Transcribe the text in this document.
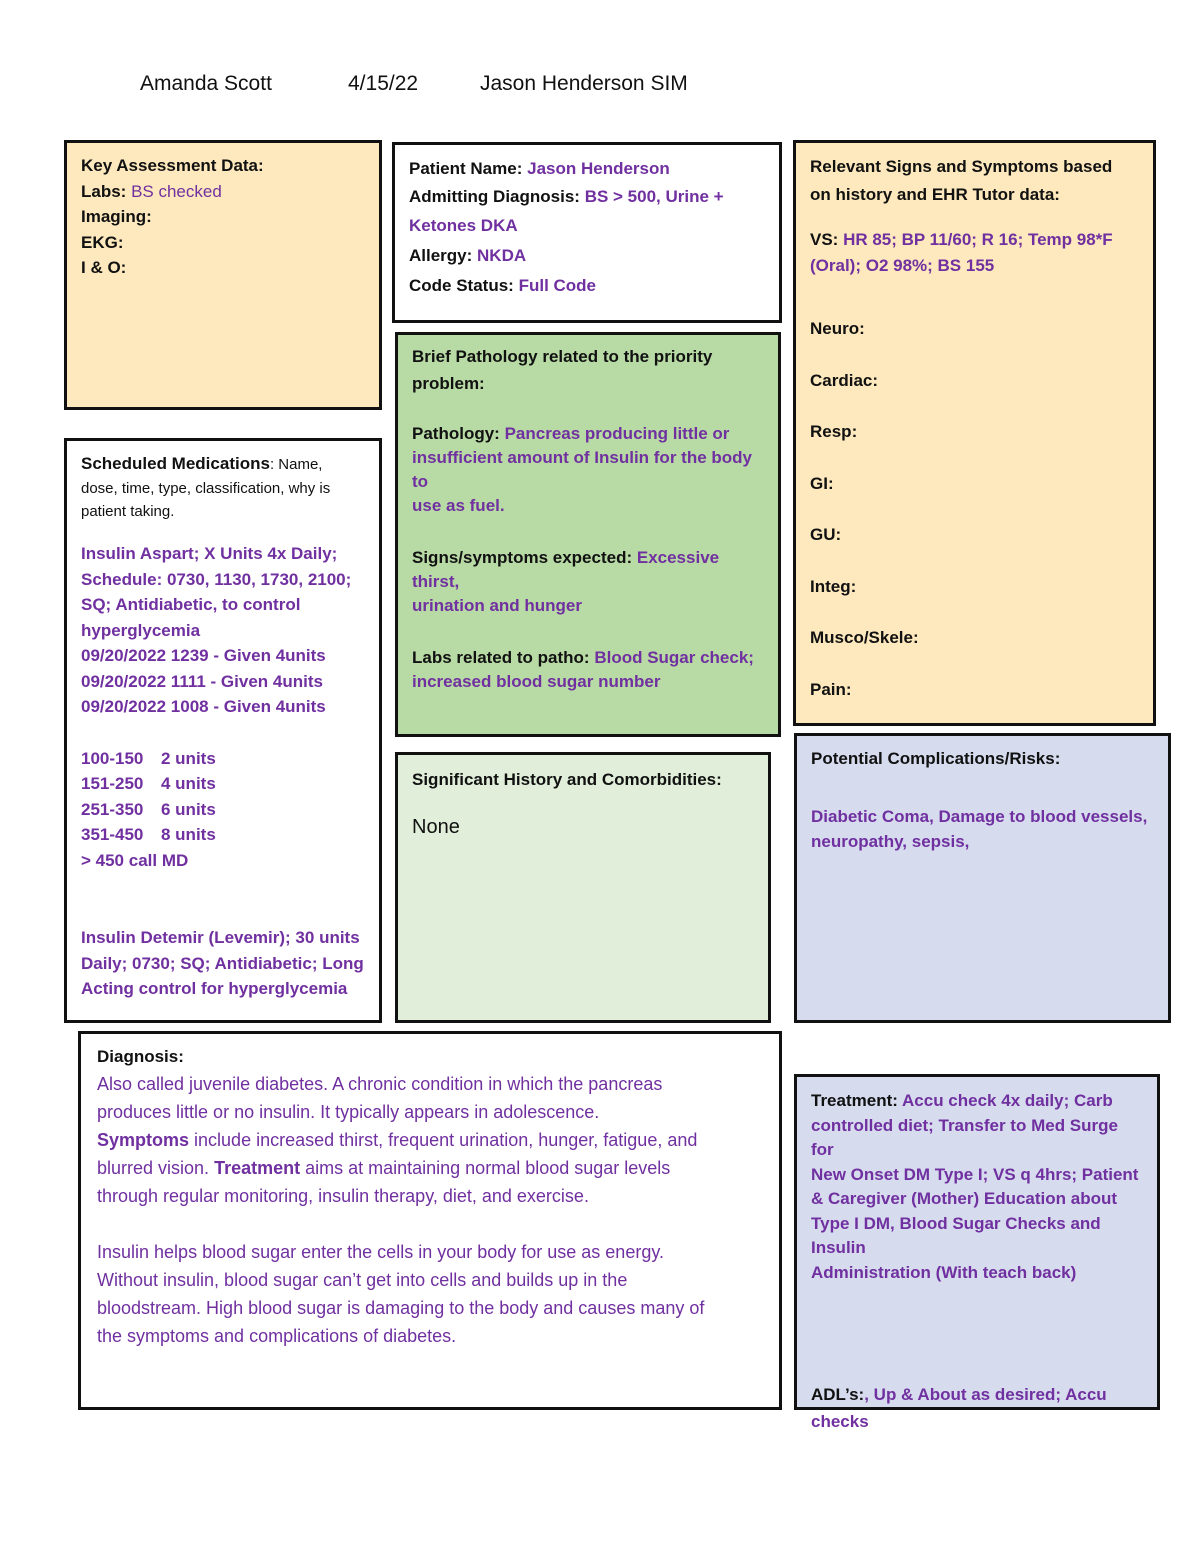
Amanda Scott	4/15/22	Jason Henderson SIM
Key Assessment Data:
Labs: BS checked
Imaging:
EKG:
I & O:
Patient Name: Jason Henderson
Admitting Diagnosis: BS > 500, Urine +
Ketones DKA
Allergy: NKDA
Code Status: Full Code
Relevant Signs and Symptoms based
on history and EHR Tutor data:
VS: HR 85; BP 11/60; R 16; Temp 98*F
(Oral); O2 98%; BS 155
Neuro:
Cardiac:
Resp:
GI:
GU:
Integ:
Musco/Skele:
Pain:
Brief Pathology related to the priority
problem:
Pathology: Pancreas producing little or
insufficient amount of Insulin for the body to
use as fuel.
Signs/symptoms expected: Excessive thirst,
urination and hunger
Labs related to patho: Blood Sugar check;
increased blood sugar number
Scheduled Medications: Name,
dose, time, type, classification, why is
patient taking.
Insulin Aspart; X Units 4x Daily;
Schedule: 0730, 1130, 1730, 2100;
SQ; Antidiabetic, to control
hyperglycemia
09/20/2022 1239 - Given 4units
09/20/2022 1111 - Given 4units
09/20/2022 1008 - Given 4units
100-150 2 units
151-250 4 units
251-350 6 units
351-450 8 units
> 450 call MD
Insulin Detemir (Levemir); 30 units
Daily; 0730; SQ; Antidiabetic; Long
Acting control for hyperglycemia
Significant History and Comorbidities:
None
Potential Complications/Risks:
Diabetic Coma, Damage to blood vessels,
neuropathy, sepsis,
Diagnosis:
Also called juvenile diabetes. A chronic condition in which the pancreas
produces little or no insulin. It typically appears in adolescence.
Symptoms include increased thirst, frequent urination, hunger, fatigue, and
blurred vision. Treatment aims at maintaining normal blood sugar levels
through regular monitoring, insulin therapy, diet, and exercise.
Insulin helps blood sugar enter the cells in your body for use as energy.
Without insulin, blood sugar can’t get into cells and builds up in the
bloodstream. High blood sugar is damaging to the body and causes many of
the symptoms and complications of diabetes.
Treatment: Accu check 4x daily; Carb
controlled diet; Transfer to Med Surge for
New Onset DM Type I; VS q 4hrs; Patient
& Caregiver (Mother) Education about
Type I DM, Blood Sugar Checks and Insulin
Administration (With teach back)
ADL’s:, Up & About as desired; Accu
checks
